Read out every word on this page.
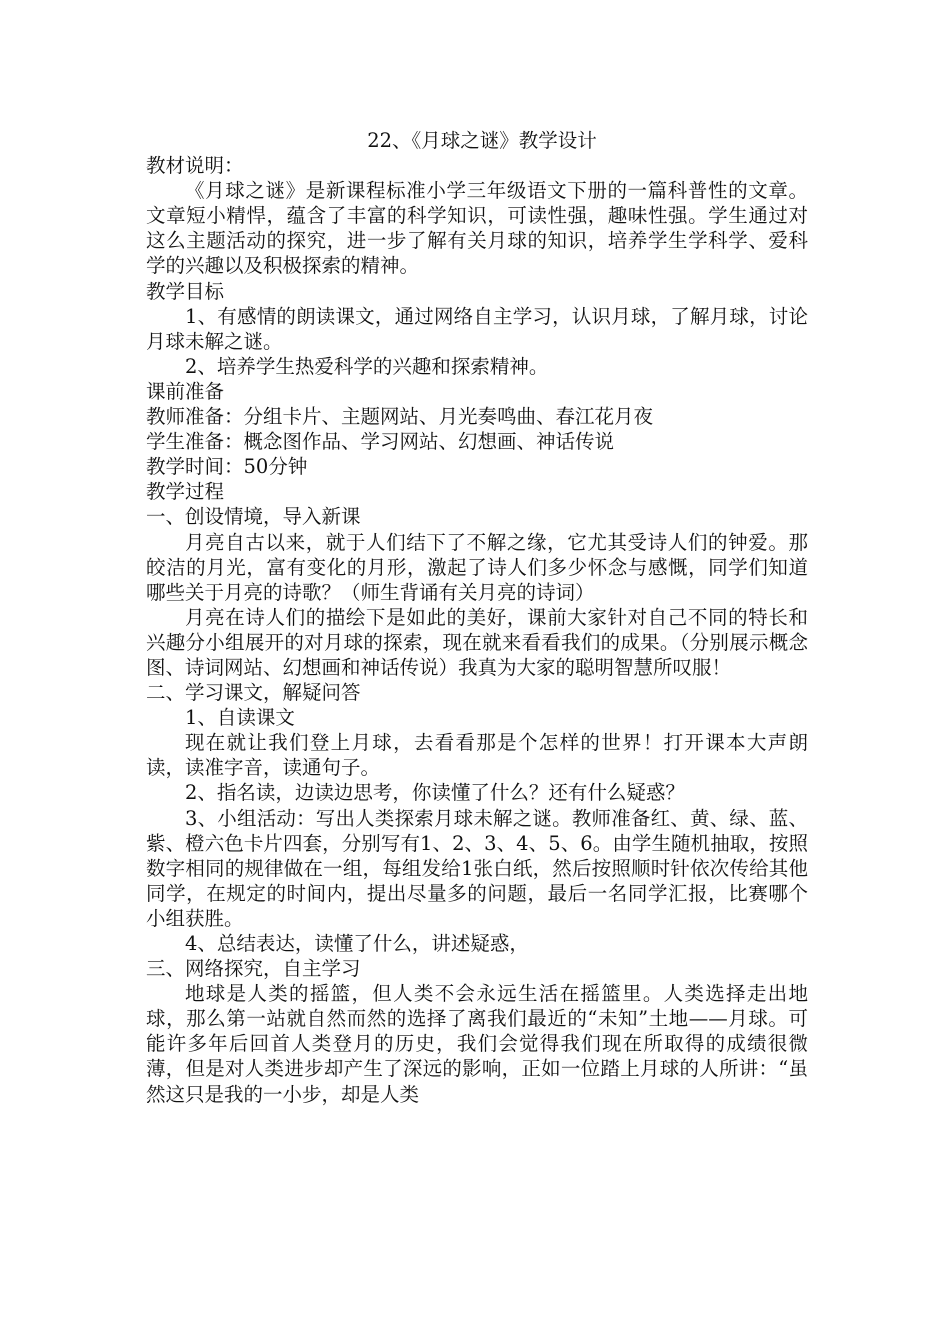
22、《月球之谜》教学设计

教材说明：

《月球之谜》是新课程标准小学三年级语文下册的一篇科普性的文章。文章短小精悍，蕴含了丰富的科学知识，可读性强，趣味性强。学生通过对这么主题活动的探究，进一步了解有关月球的知识，培养学生学科学、爱科学的兴趣以及积极探索的精神。

教学目标

1、有感情的朗读课文，通过网络自主学习，认识月球，了解月球，讨论月球未解之谜。

2、培养学生热爱科学的兴趣和探索精神。

课前准备

教师准备：分组卡片、主题网站、月光奏鸣曲、春江花月夜

学生准备：概念图作品、学习网站、幻想画、神话传说

教学时间：50分钟

教学过程

一、创设情境，导入新课

月亮自古以来，就于人们结下了不解之缘，它尤其受诗人们的钟爱。那皎洁的月光，富有变化的月形，激起了诗人们多少怀念与感慨，同学们知道哪些关于月亮的诗歌？（师生背诵有关月亮的诗词）

月亮在诗人们的描绘下是如此的美好，课前大家针对自己不同的特长和兴趣分小组展开的对月球的探索，现在就来看看我们的成果。（分别展示概念图、诗词网站、幻想画和神话传说）我真为大家的聪明智慧所叹服！

二、学习课文，解疑问答

1、自读课文

现在就让我们登上月球，去看看那是个怎样的世界！打开课本大声朗读，读准字音，读通句子。

2、指名读，边读边思考，你读懂了什么？还有什么疑惑？

3、小组活动：写出人类探索月球未解之谜。教师准备红、黄、绿、蓝、紫、橙六色卡片四套，分别写有1、2、3、4、5、6。由学生随机抽取，按照数字相同的规律做在一组，每组发给1张白纸，然后按照顺时针依次传给其他同学，在规定的时间内，提出尽量多的问题，最后一名同学汇报，比赛哪个小组获胜。

4、总结表达，读懂了什么，讲述疑惑，

三、网络探究，自主学习

地球是人类的摇篮，但人类不会永远生活在摇篮里。人类选择走出地球，那么第一站就自然而然的选择了离我们最近的“未知”土地——月球。可能许多年后回首人类登月的历史，我们会觉得我们现在所取得的成绩很微薄，但是对人类进步却产生了深远的影响，正如一位踏上月球的人所讲：“虽然这只是我的一小步，却是人类
